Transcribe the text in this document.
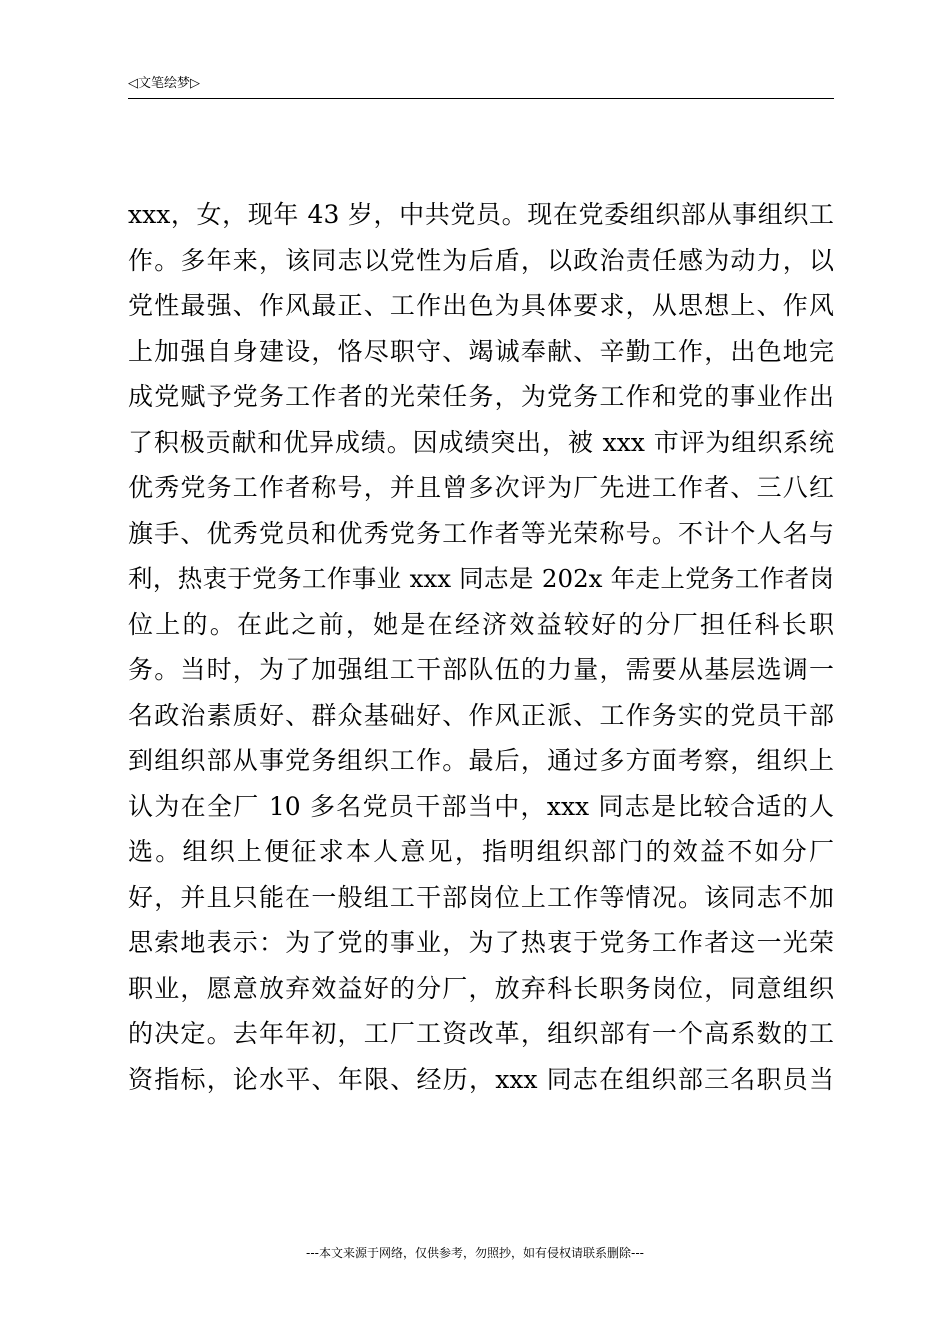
◁文笔绘梦▷
xxx，女，现年 43 岁，中共党员。现在党委组织部从事组织工
作。多年来，该同志以党性为后盾，以政治责任感为动力，以
党性最强、作风最正、工作出色为具体要求，从思想上、作风
上加强自身建设，恪尽职守、竭诚奉献、辛勤工作，出色地完
成党赋予党务工作者的光荣任务，为党务工作和党的事业作出
了积极贡献和优异成绩。因成绩突出，被 xxx 市评为组织系统
优秀党务工作者称号，并且曾多次评为厂先进工作者、三八红
旗手、优秀党员和优秀党务工作者等光荣称号。不计个人名与
利，热衷于党务工作事业 xxx 同志是 202x 年走上党务工作者岗
位上的。在此之前，她是在经济效益较好的分厂担任科长职
务。当时，为了加强组工干部队伍的力量，需要从基层选调一
名政治素质好、群众基础好、作风正派、工作务实的党员干部
到组织部从事党务组织工作。最后，通过多方面考察，组织上
认为在全厂 10 多名党员干部当中，xxx 同志是比较合适的人
选。组织上便征求本人意见，指明组织部门的效益不如分厂
好，并且只能在一般组工干部岗位上工作等情况。该同志不加
思索地表示：为了党的事业，为了热衷于党务工作者这一光荣
职业，愿意放弃效益好的分厂，放弃科长职务岗位，同意组织
的决定。去年年初，工厂工资改革，组织部有一个高系数的工
资指标，论水平、年限、经历，xxx 同志在组织部三名职员当
---本文来源于网络，仅供参考，勿照抄，如有侵权请联系删除---
